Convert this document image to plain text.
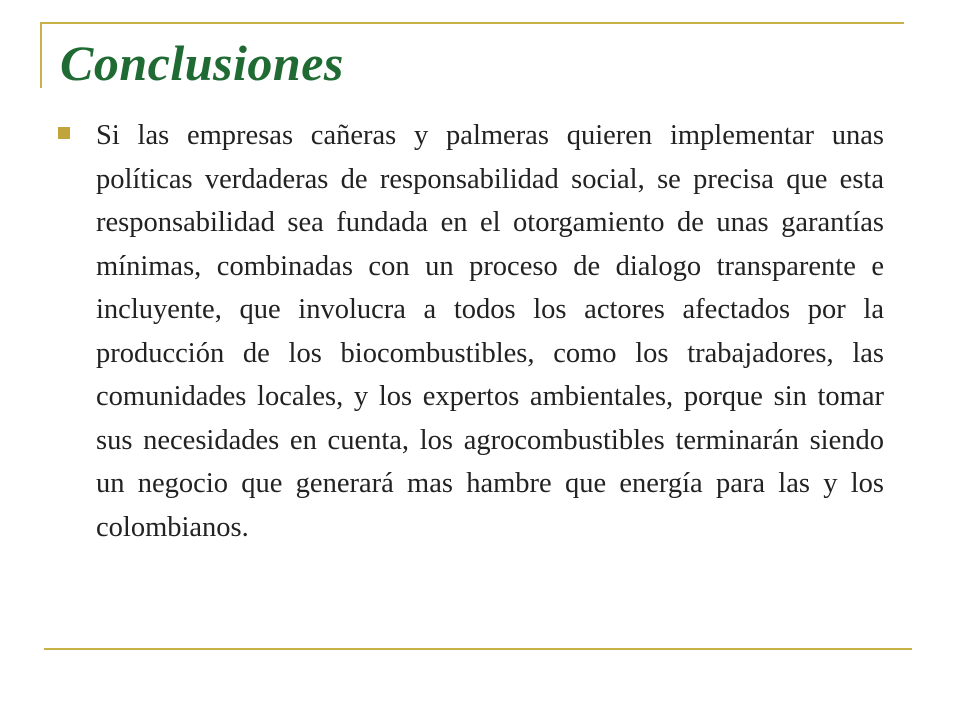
Conclusiones

Si las empresas cañeras y palmeras quieren implementar unas políticas verdaderas de responsabilidad social, se precisa que esta responsabilidad sea fundada en el otorgamiento de unas garantías mínimas, combinadas con un proceso de dialogo transparente e incluyente, que involucra a todos los actores afectados por la producción de los biocombustibles, como los trabajadores, las comunidades locales, y los expertos ambientales, porque sin tomar sus necesidades en cuenta, los agrocombustibles terminarán siendo un negocio que generará mas hambre que energía para las y los colombianos.
